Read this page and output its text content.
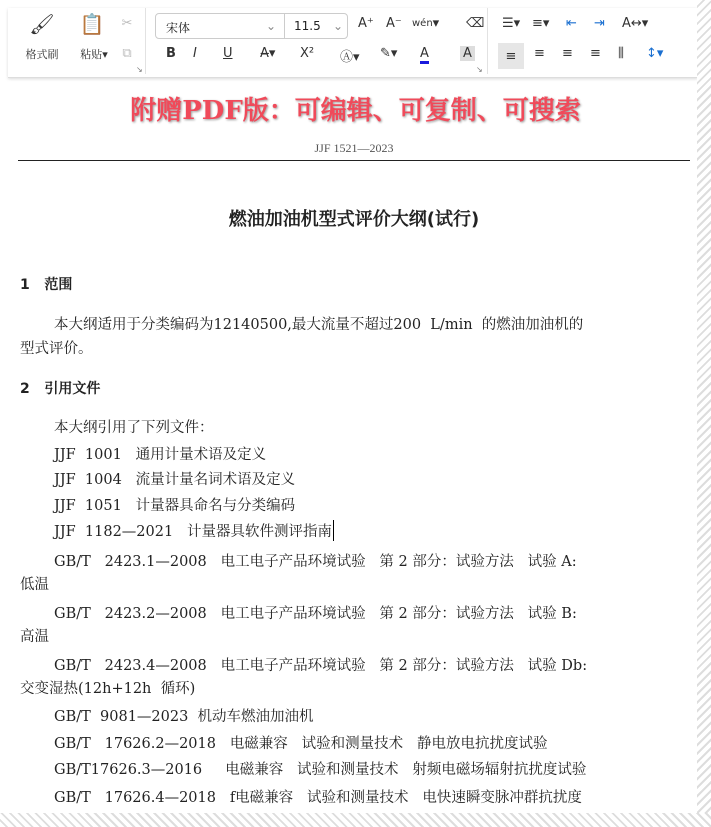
🖌
格式刷
📋
粘贴 ▾
✂
⧉
↘
宋体	⌄ 11.5 ⌄ A⁺ A⁻ wén ▾ ⌫
B I U A̶▾ X² Ⓐ▾ ✎▾ A	A
↘
☰▾ ≡▾ ⇤ ⇥ A↔▾
≡	≡ ≡ ≡ ⫼ ↕▾
附赠PDF版：可编辑、可复制、可搜索
JJF 1521—2023
燃油加油机型式评价大纲(试行)
1   范围
本大纲适用于分类编码为12140500,最大流量不超过200  L/min  的燃油加油机的
型式评价。
2   引用文件
本大纲引用了下列文件：
JJF  1001   通用计量术语及定义
JJF  1004   流量计量名词术语及定义
JJF  1051   计量器具命名与分类编码
JJF  1182—2021   计量器具软件测评指南
GB/T   2423.1—2008   电工电子产品环境试验   第 2 部分：试验方法   试验 A:
低温
GB/T   2423.2—2008   电工电子产品环境试验   第 2 部分：试验方法   试验 B:
高温
GB/T   2423.4—2008   电工电子产品环境试验   第 2 部分：试验方法   试验 Db:
交变湿热(12h+12h  循环)
GB/T  9081—2023  机动车燃油加油机
GB/T   17626.2—2018   电磁兼容   试验和测量技术   静电放电抗扰度试验
GB/T17626.3—2016     电磁兼容   试验和测量技术   射频电磁场辐射抗扰度试验
GB/T   17626.4—2018   f电磁兼容   试验和测量技术   电快速瞬变脉冲群抗扰度
